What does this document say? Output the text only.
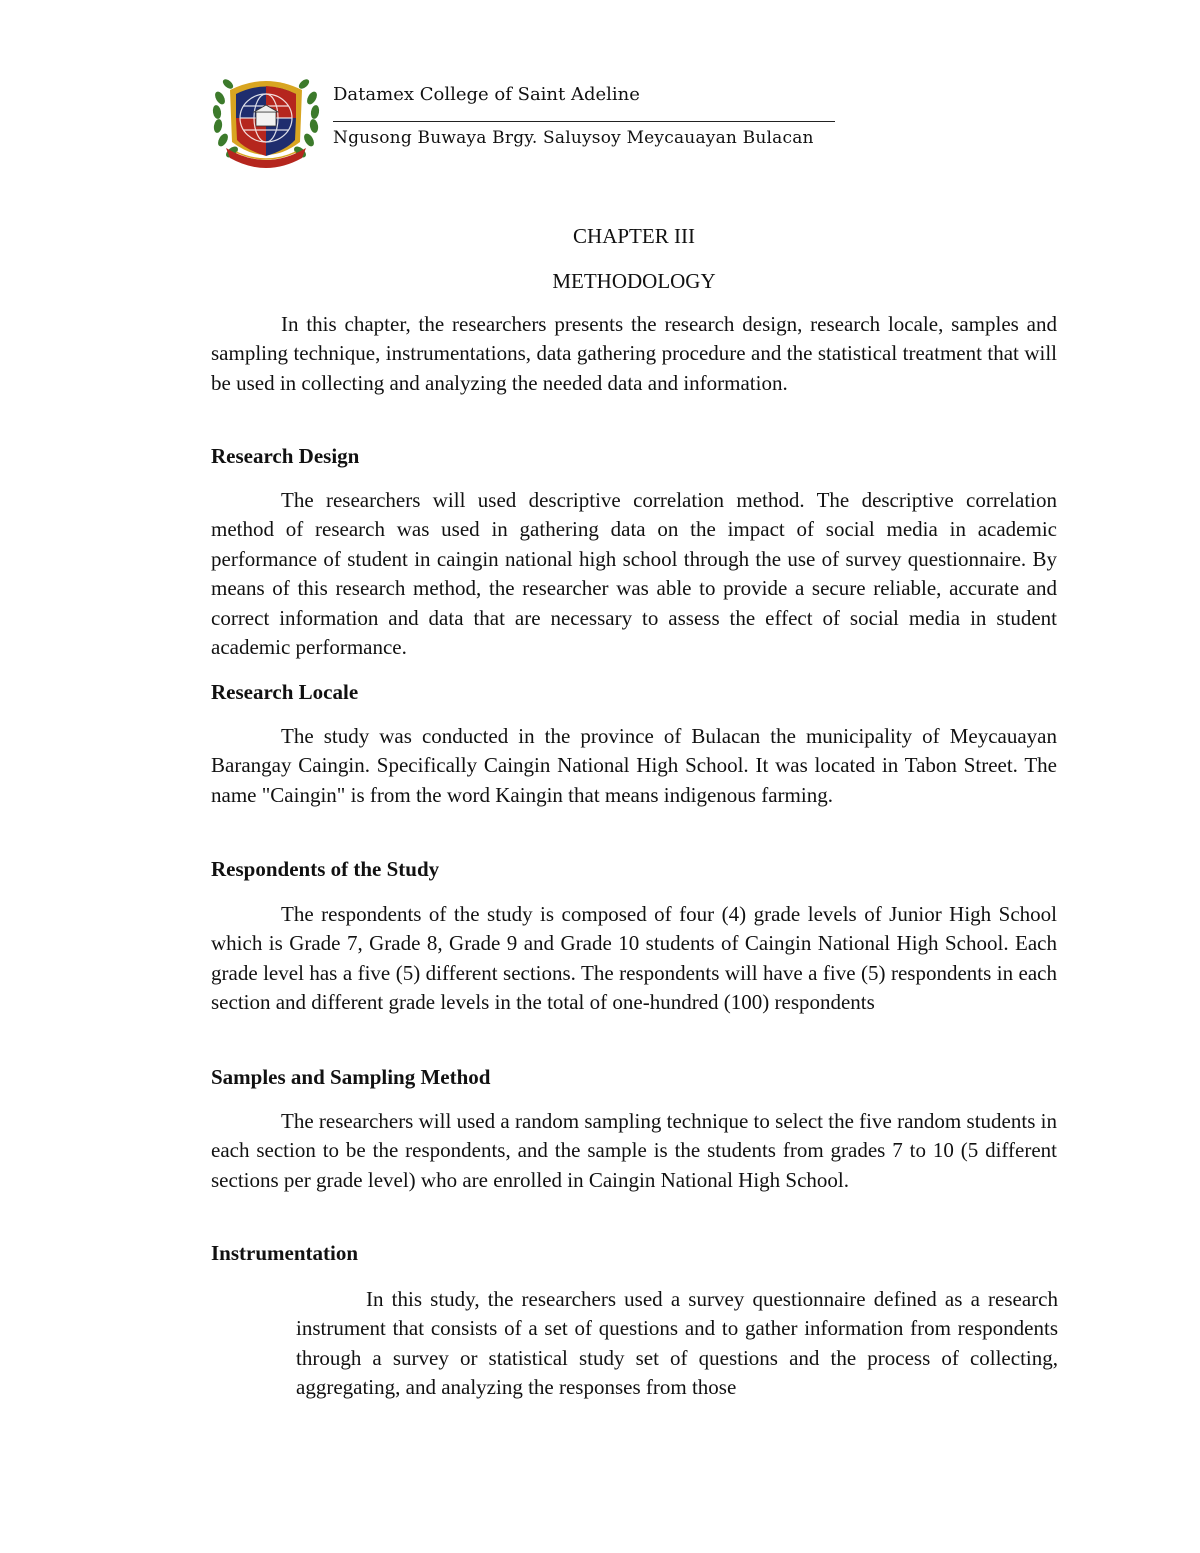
Datamex College of Saint Adeline
Ngusong Buwaya Brgy. Saluysoy Meycauayan Bulacan
CHAPTER III
METHODOLOGY

In this chapter, the researchers presents the research design, research locale, samples and sampling technique, instrumentations, data gathering procedure and the statistical treatment that will be used in collecting and analyzing the needed data and information.

Research Design

The researchers will used descriptive correlation method. The descriptive correlation method of research was used in gathering data on the impact of social media in academic performance of student in caingin national high school through the use of survey questionnaire. By means of this research method, the researcher was able to provide a secure reliable, accurate and correct information and data that are necessary to assess the effect of social media in student academic performance.

Research Locale

The study was conducted in the province of Bulacan the municipality of Meycauayan Barangay Caingin. Specifically Caingin National High School. It was located in Tabon Street. The name "Caingin" is from the word Kaingin that means indigenous farming.

Respondents of the Study

The respondents of the study is composed of four (4) grade levels of Junior High School which is Grade 7, Grade 8, Grade 9 and Grade 10 students of Caingin National High School. Each grade level has a five (5) different sections. The respondents will have a five (5) respondents in each section and different grade levels in the total of one-hundred (100) respondents

Samples and Sampling Method

The researchers will used a random sampling technique to select the five random students in each section to be the respondents, and the sample is the students from grades 7 to 10 (5 different sections per grade level) who are enrolled in Caingin National High School.

Instrumentation

In this study, the researchers used a survey questionnaire defined as a research instrument that consists of a set of questions and to gather information from respondents through a survey or statistical study set of questions and the process of collecting, aggregating, and analyzing the responses from those
